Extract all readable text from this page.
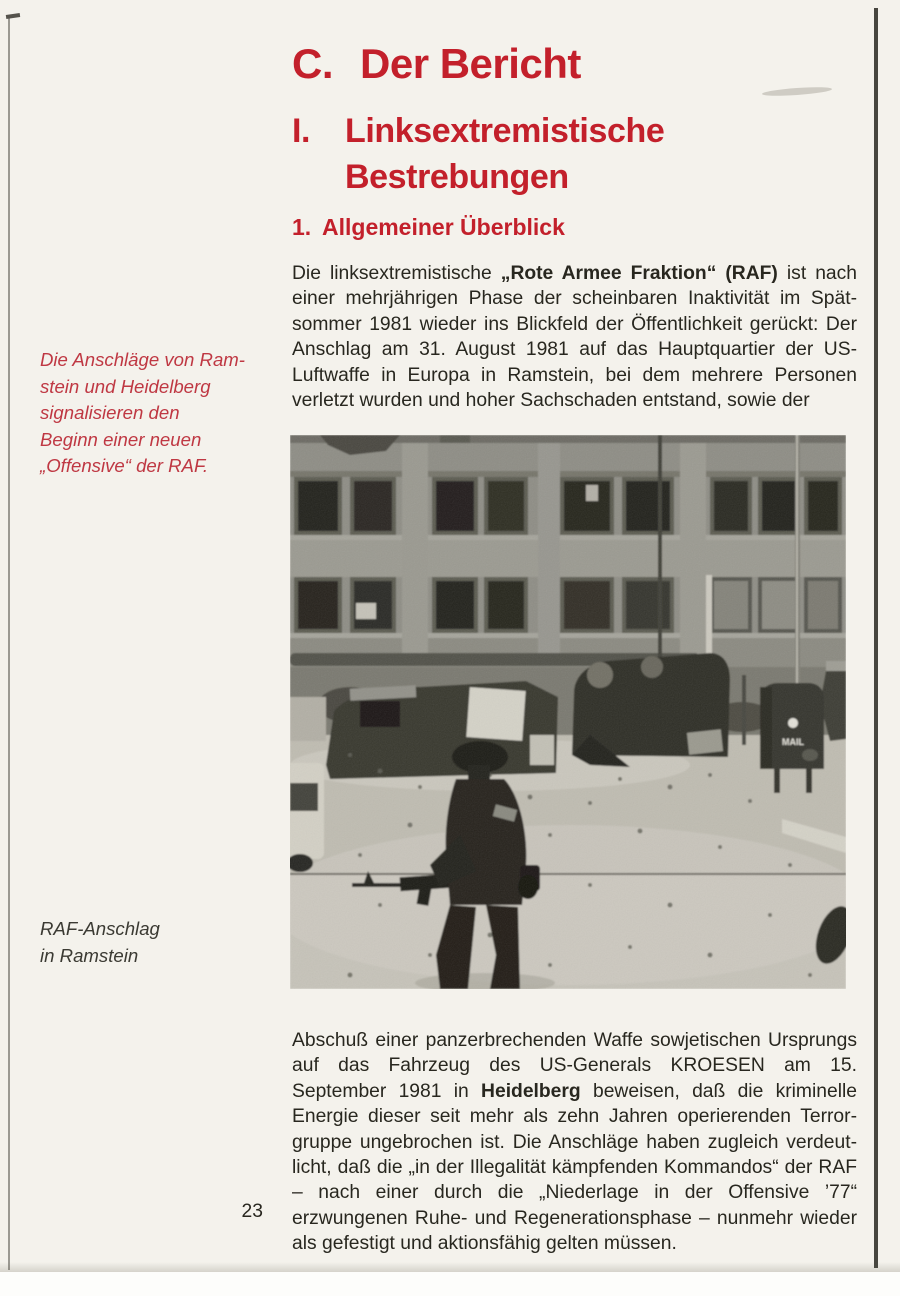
C. Der Bericht
I.	Linksextremistische
Bestrebungen
1. Allgemeiner Überblick

Die linksextremistische „Rote Armee Fraktion“ (RAF) ist nach einer mehrjährigen Phase der scheinbaren Inaktivität im Spätsommer 1981 wieder ins Blickfeld der Öffentlichkeit gerückt: Der Anschlag am 31. August 1981 auf das Hauptquartier der US-Luftwaffe in Europa in Ramstein, bei dem mehrere Personen verletzt wurden und hoher Sachschaden entstand, sowie der

Die Anschläge von Ram-
stein und Heidelberg
signalisieren den
Beginn einer neuen
„Offensive“ der RAF.
MAIL
RAF-Anschlag
in Ramstein

Abschuß einer panzerbrechenden Waffe sowjetischen Ursprungs auf das Fahrzeug des US-Generals KROESEN am 15. September 1981 in Heidelberg beweisen, daß die kriminelle Energie dieser seit mehr als zehn Jahren operierenden Terrorgruppe ungebrochen ist. Die Anschläge haben zugleich verdeutlicht, daß die „in der Illegalität kämpfenden Kommandos“ der RAF – nach einer durch die „Niederlage in der Offensive ’77“ erzwungenen Ruhe- und Regenerationsphase – nunmehr wieder als gefestigt und aktionsfähig gelten müssen.

23
